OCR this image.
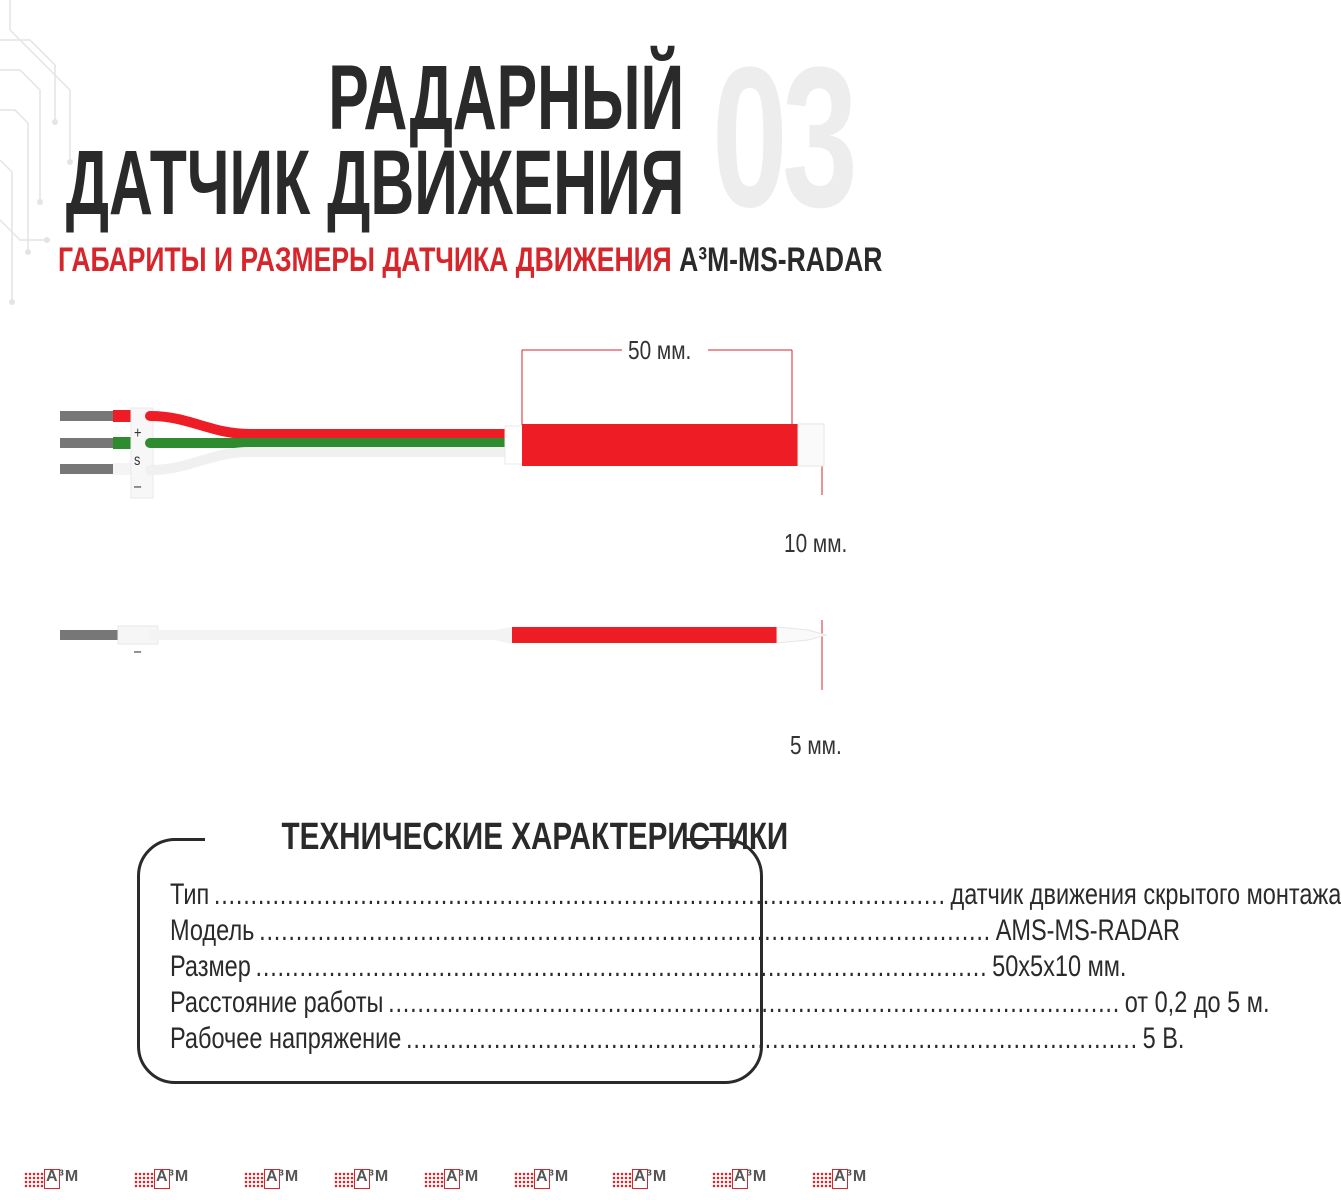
03
РАДАРНЫЙ
ДАТЧИК ДВИЖЕНИЯ
ГАБАРИТЫ И РАЗМЕРЫ ДАТЧИКА ДВИЖЕНИЯ A³M-MS-RADAR
50 мм.
10 мм.
5 мм.
+
s
–
–
ТЕХНИЧЕСКИЕ ХАРАКТЕРИСТИКИ
Тип .................................................................................................... датчик движения скрытого монтажа
Модель .................................................................................................... AMS-MS-RADAR
Размер .................................................................................................... 50х5х10 мм.
Расстояние работы .................................................................................................... от 0,2 до 5 м.
Рабочее напряжение .................................................................................................... 5 В.
A³M	A³M	A³M	A³M	A³M	A³M	A³M	A³M	A³M
